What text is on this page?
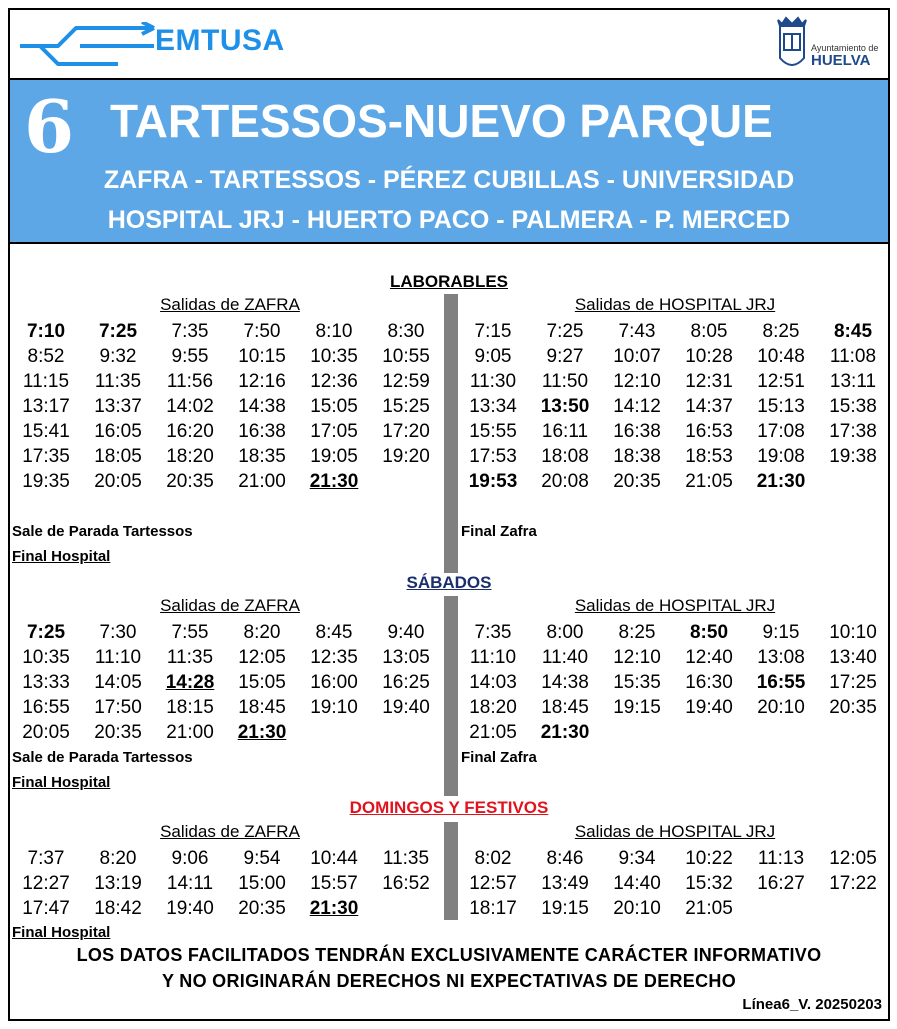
EMTUSA	Ayuntamiento de
HUELVA
6 TARTESSOS-NUEVO PARQUE
ZAFRA - TARTESSOS - PÉREZ CUBILLAS - UNIVERSIDAD
HOSPITAL JRJ - HUERTO PACO - PALMERA - P. MERCED
LABORABLES
Salidas de ZAFRA	Salidas de HOSPITAL JRJ
7:10	7:25	7:35	7:50	8:10	8:30
8:52	9:32	9:55	10:15	10:35	10:55
11:15	11:35	11:56	12:16	12:36	12:59
13:17	13:37	14:02	14:38	15:05	15:25
15:41	16:05	16:20	16:38	17:05	17:20
17:35	18:05	18:20	18:35	19:05	19:20
19:35	20:05	20:35	21:00	21:30
7:15	7:25	7:43	8:05	8:25	8:45
9:05	9:27	10:07	10:28	10:48	11:08
11:30	11:50	12:10	12:31	12:51	13:11
13:34	13:50	14:12	14:37	15:13	15:38
15:55	16:11	16:38	16:53	17:08	17:38
17:53	18:08	18:38	18:53	19:08	19:38
19:53	20:08	20:35	21:05	21:30
Sale de Parada Tartessos
Final Hospital
Final Zafra
SÁBADOS
Salidas de ZAFRA	Salidas de HOSPITAL JRJ
7:25	7:30	7:55	8:20	8:45	9:40
10:35	11:10	11:35	12:05	12:35	13:05
13:33	14:05	14:28	15:05	16:00	16:25
16:55	17:50	18:15	18:45	19:10	19:40
20:05	20:35	21:00	21:30
7:35	8:00	8:25	8:50	9:15	10:10
11:10	11:40	12:10	12:40	13:08	13:40
14:03	14:38	15:35	16:30	16:55	17:25
18:20	18:45	19:15	19:40	20:10	20:35
21:05	21:30
Sale de Parada Tartessos
Final Hospital
Final Zafra
DOMINGOS Y FESTIVOS
Salidas de ZAFRA	Salidas de HOSPITAL JRJ
7:37	8:20	9:06	9:54	10:44	11:35
12:27	13:19	14:11	15:00	15:57	16:52
17:47	18:42	19:40	20:35	21:30
8:02	8:46	9:34	10:22	11:13	12:05
12:57	13:49	14:40	15:32	16:27	17:22
18:17	19:15	20:10	21:05
Final Hospital
LOS DATOS FACILITADOS TENDRÁN EXCLUSIVAMENTE CARÁCTER INFORMATIVO
Y NO ORIGINARÁN DERECHOS NI EXPECTATIVAS DE DERECHO
Línea6_V. 20250203
